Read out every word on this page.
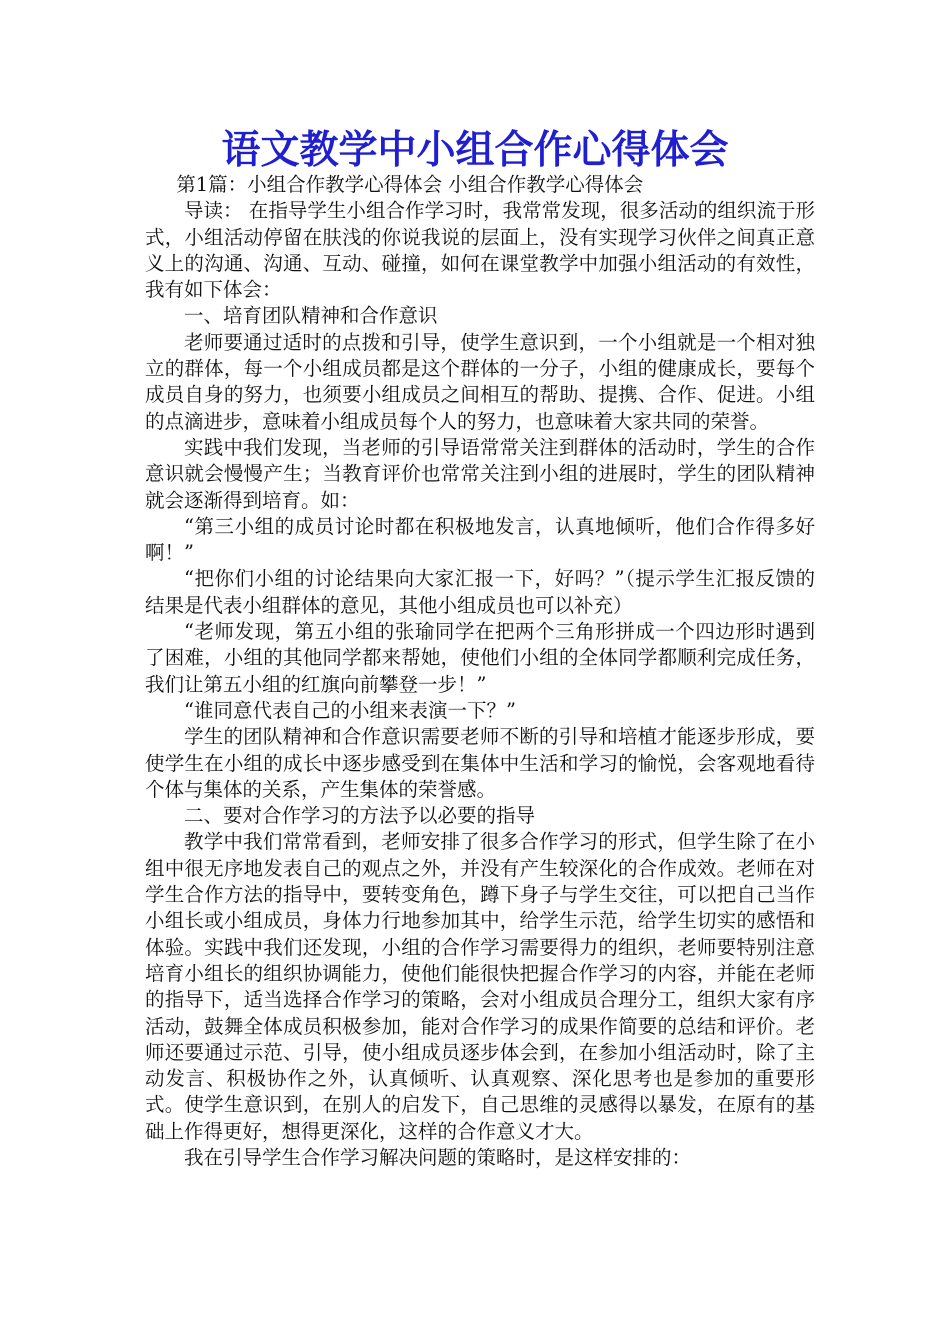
语文教学中小组合作心得体会

第1篇：小组合作教学心得体会 小组合作教学心得体会

导读： 在指导学生小组合作学习时，我常常发现，很多活动的组织流于形式，小组活动停留在肤浅的你说我说的层面上，没有实现学习伙伴之间真正意义上的沟通、沟通、互动、碰撞，如何在课堂教学中加强小组活动的有效性，我有如下体会：

一、培育团队精神和合作意识

老师要通过适时的点拨和引导，使学生意识到，一个小组就是一个相对独立的群体，每一个小组成员都是这个群体的一分子，小组的健康成长，要每个成员自身的努力，也须要小组成员之间相互的帮助、提携、合作、促进。小组的点滴进步，意味着小组成员每个人的努力，也意味着大家共同的荣誉。

实践中我们发现，当老师的引导语常常关注到群体的活动时，学生的合作意识就会慢慢产生；当教育评价也常常关注到小组的进展时，学生的团队精神就会逐渐得到培育。如：

“第三小组的成员讨论时都在积极地发言，认真地倾听，他们合作得多好啊！”

“把你们小组的讨论结果向大家汇报一下，好吗？”（提示学生汇报反馈的结果是代表小组群体的意见，其他小组成员也可以补充）

“老师发现，第五小组的张瑜同学在把两个三角形拼成一个四边形时遇到了困难，小组的其他同学都来帮她，使他们小组的全体同学都顺利完成任务，我们让第五小组的红旗向前攀登一步！”

“谁同意代表自己的小组来表演一下？”

学生的团队精神和合作意识需要老师不断的引导和培植才能逐步形成，要使学生在小组的成长中逐步感受到在集体中生活和学习的愉悦，会客观地看待个体与集体的关系，产生集体的荣誉感。

二、要对合作学习的方法予以必要的指导

教学中我们常常看到，老师安排了很多合作学习的形式，但学生除了在小组中很无序地发表自己的观点之外，并没有产生较深化的合作成效。老师在对学生合作方法的指导中，要转变角色，蹲下身子与学生交往，可以把自己当作小组长或小组成员，身体力行地参加其中，给学生示范，给学生切实的感悟和体验。实践中我们还发现，小组的合作学习需要得力的组织，老师要特别注意培育小组长的组织协调能力，使他们能很快把握合作学习的内容，并能在老师的指导下，适当选择合作学习的策略，会对小组成员合理分工，组织大家有序活动，鼓舞全体成员积极参加，能对合作学习的成果作简要的总结和评价。老师还要通过示范、引导，使小组成员逐步体会到，在参加小组活动时，除了主动发言、积极协作之外，认真倾听、认真观察、深化思考也是参加的重要形式。使学生意识到，在别人的启发下，自己思维的灵感得以暴发，在原有的基础上作得更好，想得更深化，这样的合作意义才大。

我在引导学生合作学习解决问题的策略时，是这样安排的：
